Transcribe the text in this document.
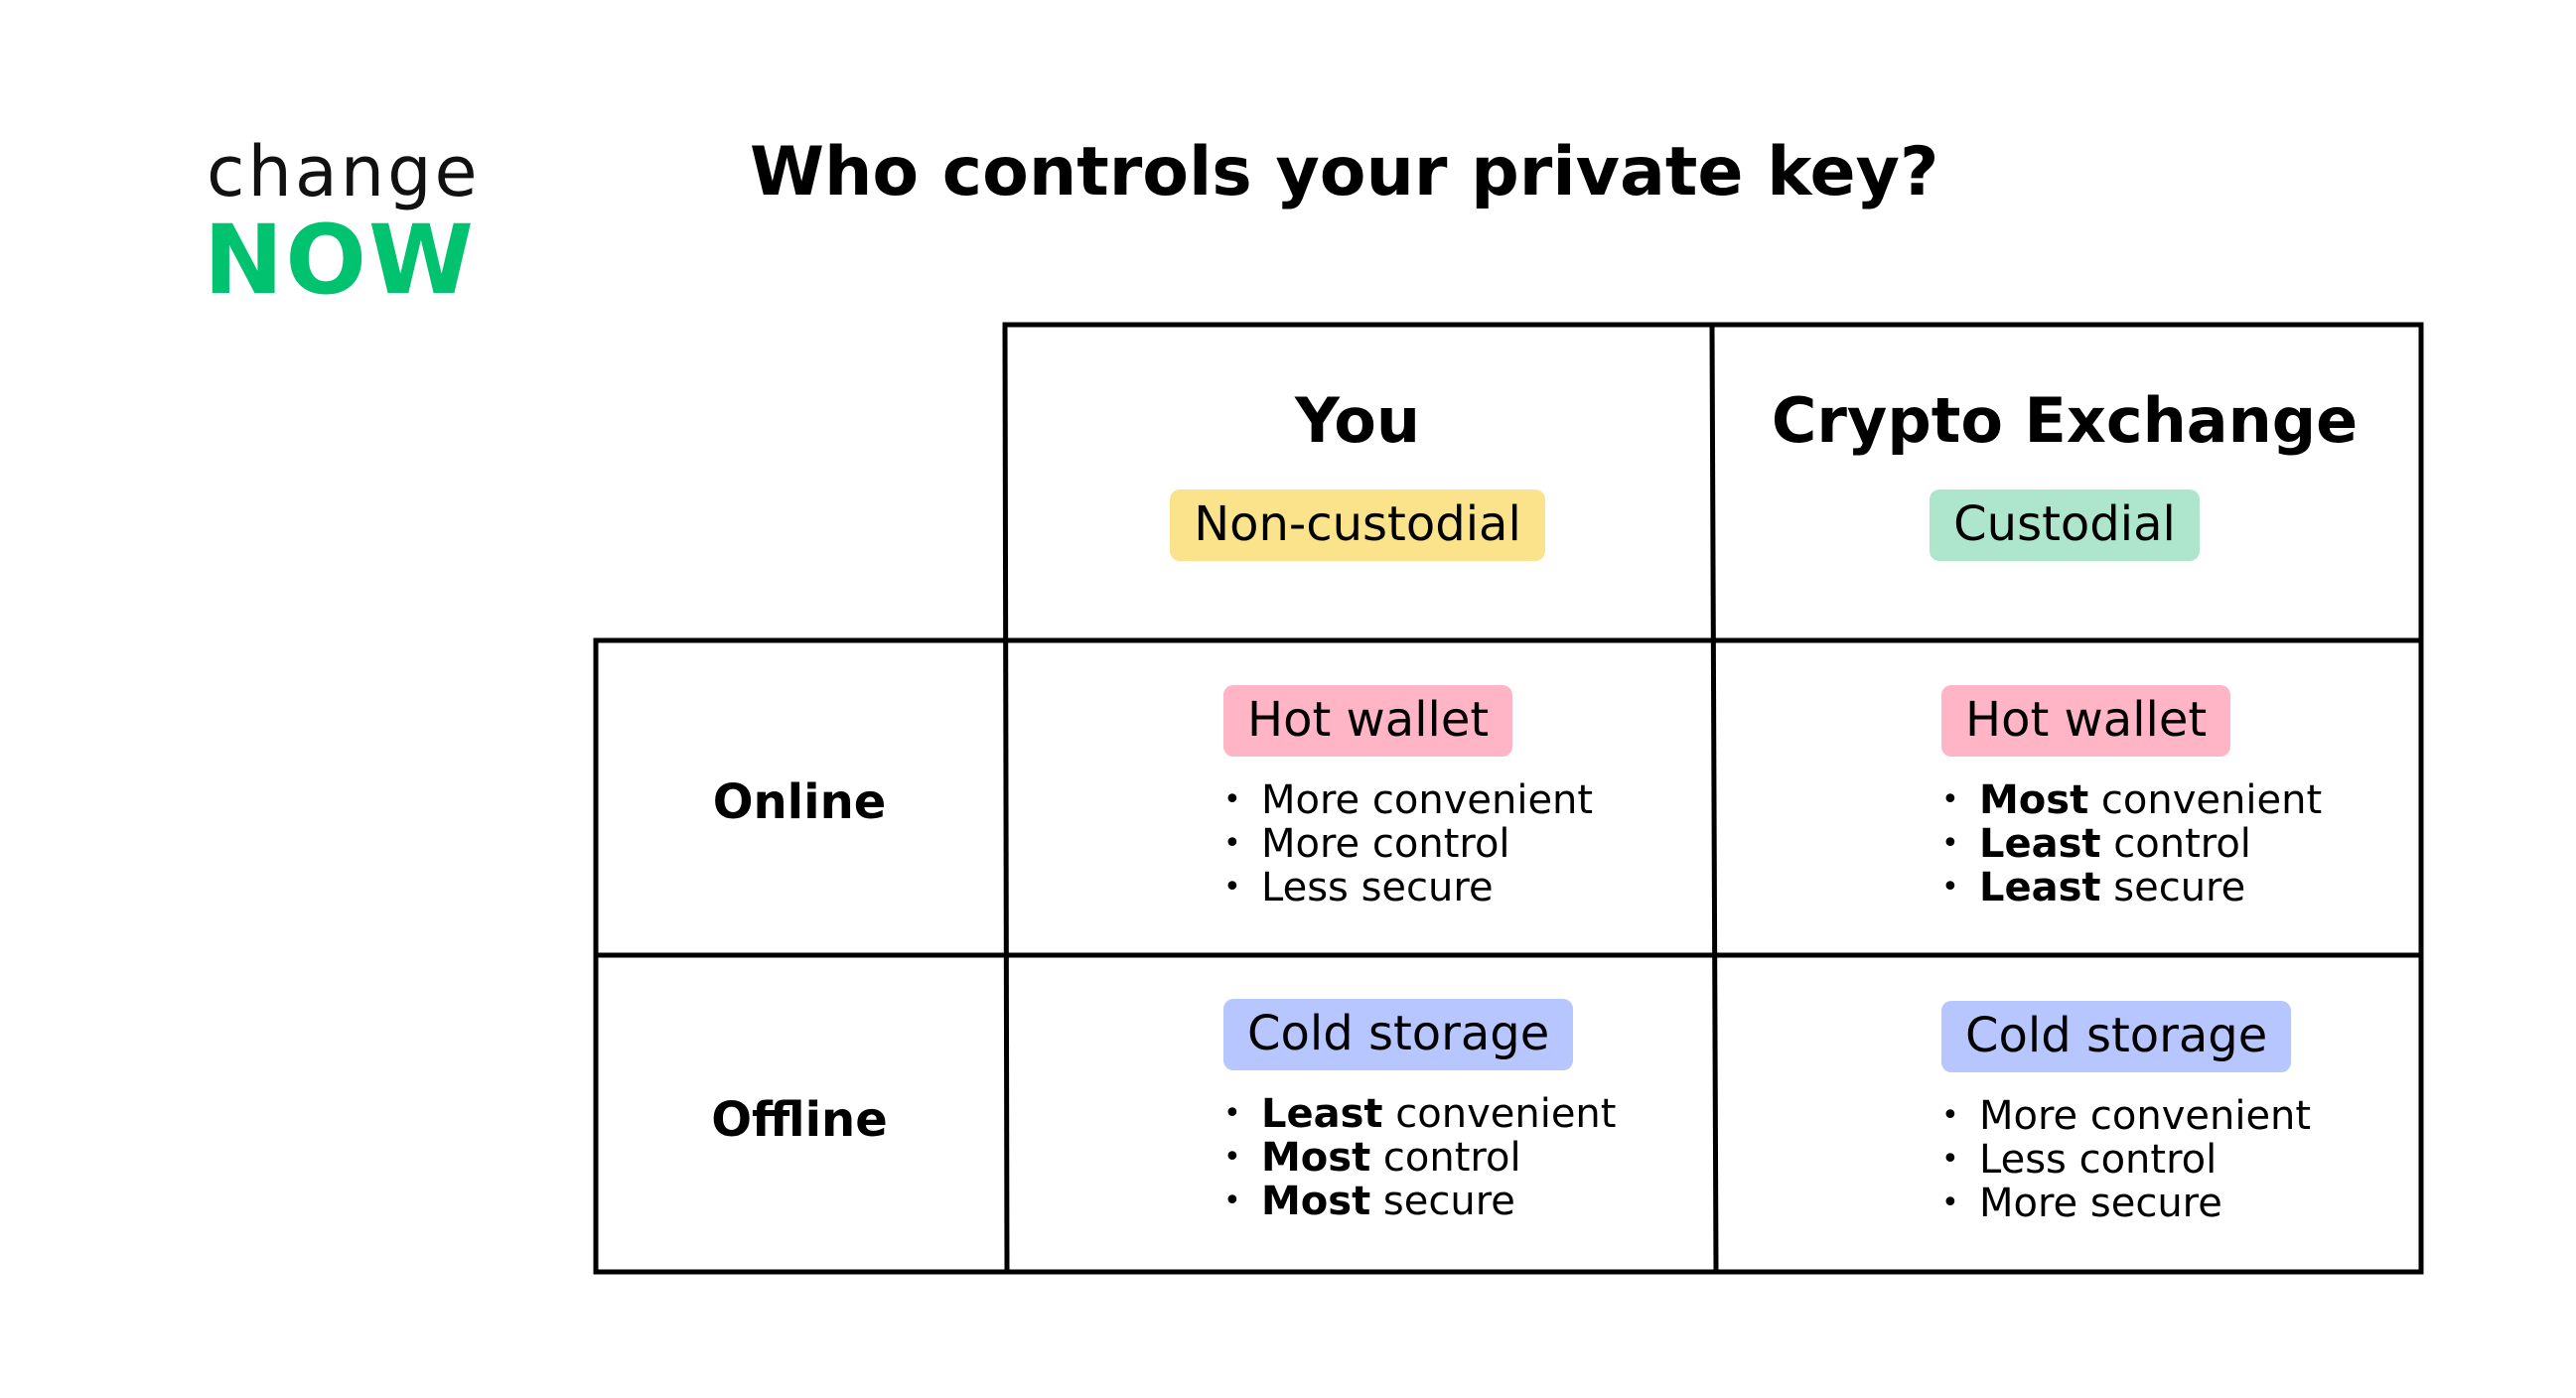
change
NOW
Who controls your private key?
You
Non-custodial
Crypto Exchange
Custodial
Online
Offline
Hot wallet
• More convenient
• More control
• Less secure
Hot wallet
• Most convenient
• Least control
• Least secure
Cold storage
• Least convenient
• Most control
• Most secure
Cold storage
• More convenient
• Less control
• More secure
